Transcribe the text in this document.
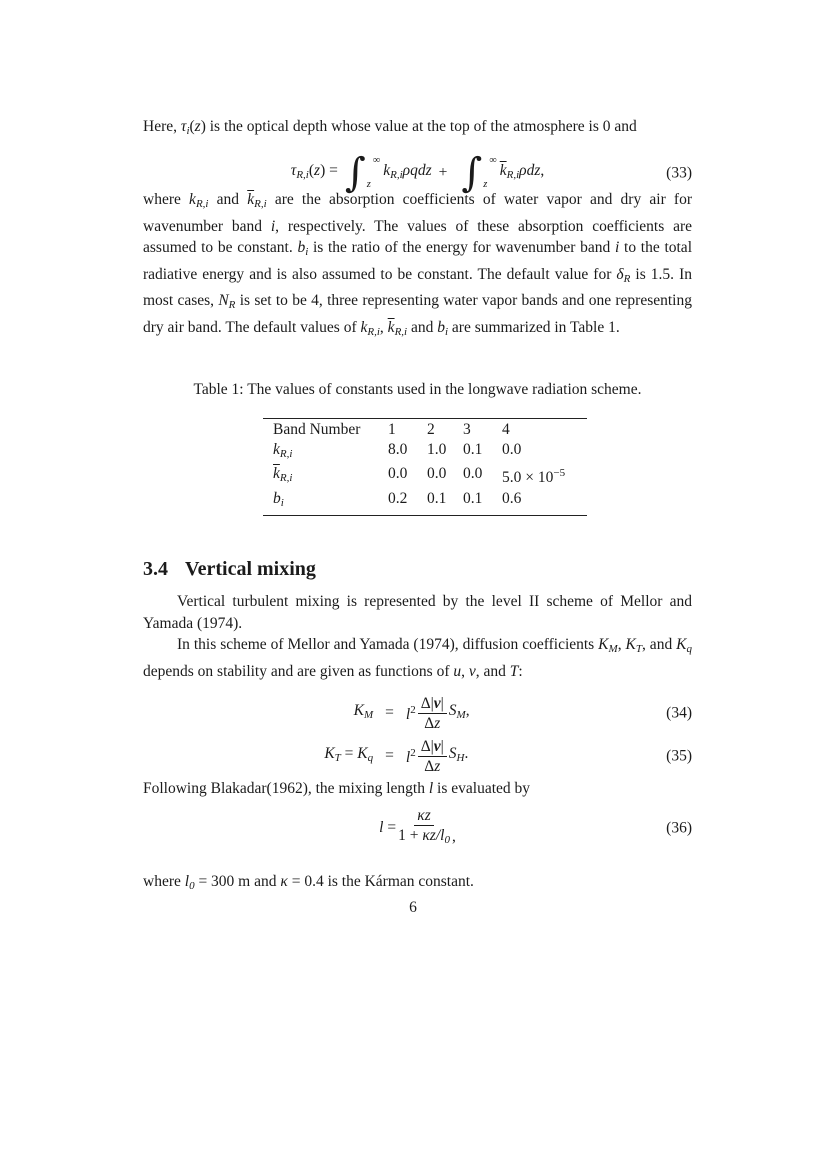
Here, $\tau_i(z)$ is the optical depth whose value at the top of the atmosphere is 0 and
$\tau_{R,i}(z)$ = ∫ ∞
z
$k_{R,i}\rho qdz$ + ∫ ∞
z
$\overline{k}_{R,i}\rho dz$,	(33)
where $k_{R,i}$ and $\overline{k}_{R,i}$ are the absorption coefficients of water vapor and dry air for wavenumber band i, respectively. The values of these absorption coefficients are assumed to be constant. $b_i$ is the ratio of the energy for wavenumber band i to the total radiative energy and is also assumed to be constant. The default value for $\delta_R$ is 1.5. In most cases, $N_R$ is set to be 4, three representing water vapor bands and one representing dry air band. The default values of $k_{R,i}$, $\overline{k}_{R,i}$ and $b_i$ are summarized in Table 1.
Table 1: The values of constants used in the longwave radiation scheme.
Band Number	1	2	3	4
$k_{R,i}$	8.0	1.0	0.1	0.0
$\overline{k}_{R,i}$	0.0	0.0	0.0	$5.0 \times 10^{-5}$
$b_i$	0.2	0.1	0.1	0.6
3.4 Vertical mixing
Vertical turbulent mixing is represented by the level II scheme of Mellor and Yamada (1974).
In this scheme of Mellor and Yamada (1974), diffusion coefficients $K_M$, $K_T$, and $K_q$ depends on stability and are given as functions of u, v, and T:
$K_M = l^2 \frac{\Delta|v|}{\Delta z} S_M$,	(34)
$K_T = K_q = l^2 \frac{\Delta|v|}{\Delta z} S_H$.	(35)
Following Blakadar(1962), the mixing length l is evaluated by
$l = \frac{\kappa z}{1 + \kappa z/l_0}$ ,	(36)
where $l_0 = 300$ m and κ = 0.4 is the Kárman constant.
6
